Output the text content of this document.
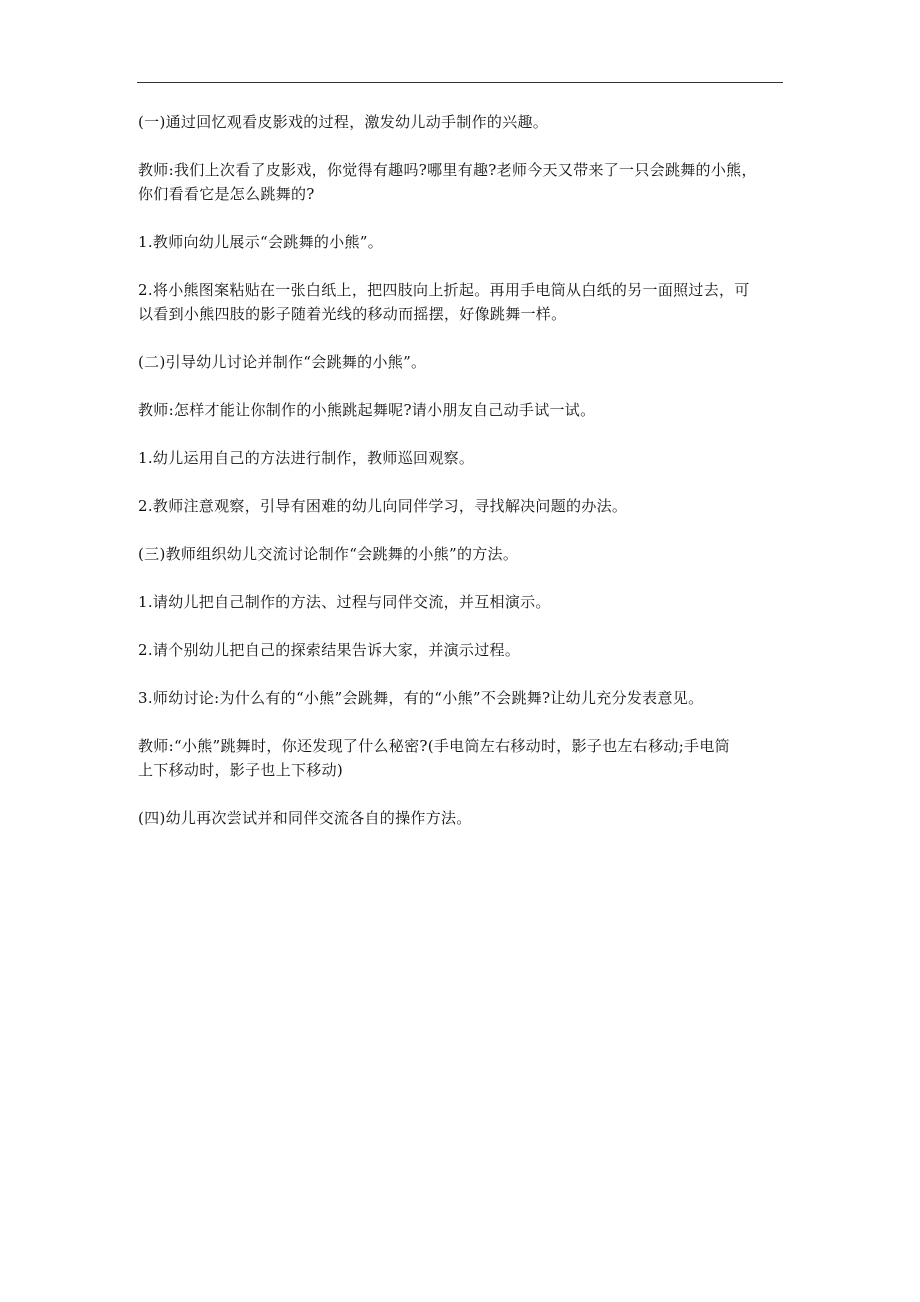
(一)通过回忆观看皮影戏的过程，激发幼儿动手制作的兴趣。

教师:我们上次看了皮影戏，你觉得有趣吗?哪里有趣?老师今天又带来了一只会跳舞的小熊，
你们看看它是怎么跳舞的?

1.教师向幼儿展示“会跳舞的小熊”。

2.将小熊图案粘贴在一张白纸上，把四肢向上折起。再用手电筒从白纸的另一面照过去，可
以看到小熊四肢的影子随着光线的移动而摇摆，好像跳舞一样。

(二)引导幼儿讨论并制作“会跳舞的小熊”。

教师:怎样才能让你制作的小熊跳起舞呢?请小朋友自己动手试一试。

1.幼儿运用自己的方法进行制作，教师巡回观察。

2.教师注意观察，引导有困难的幼儿向同伴学习，寻找解决问题的办法。

(三)教师组织幼儿交流讨论制作“会跳舞的小熊”的方法。

1.请幼儿把自己制作的方法、过程与同伴交流，并互相演示。

2.请个别幼儿把自己的探索结果告诉大家，并演示过程。

3.师幼讨论:为什么有的“小熊”会跳舞，有的“小熊”不会跳舞?让幼儿充分发表意见。

教师:“小熊”跳舞时，你还发现了什么秘密?(手电筒左右移动时，影子也左右移动;手电筒
上下移动时，影子也上下移动)

(四)幼儿再次尝试并和同伴交流各自的操作方法。
